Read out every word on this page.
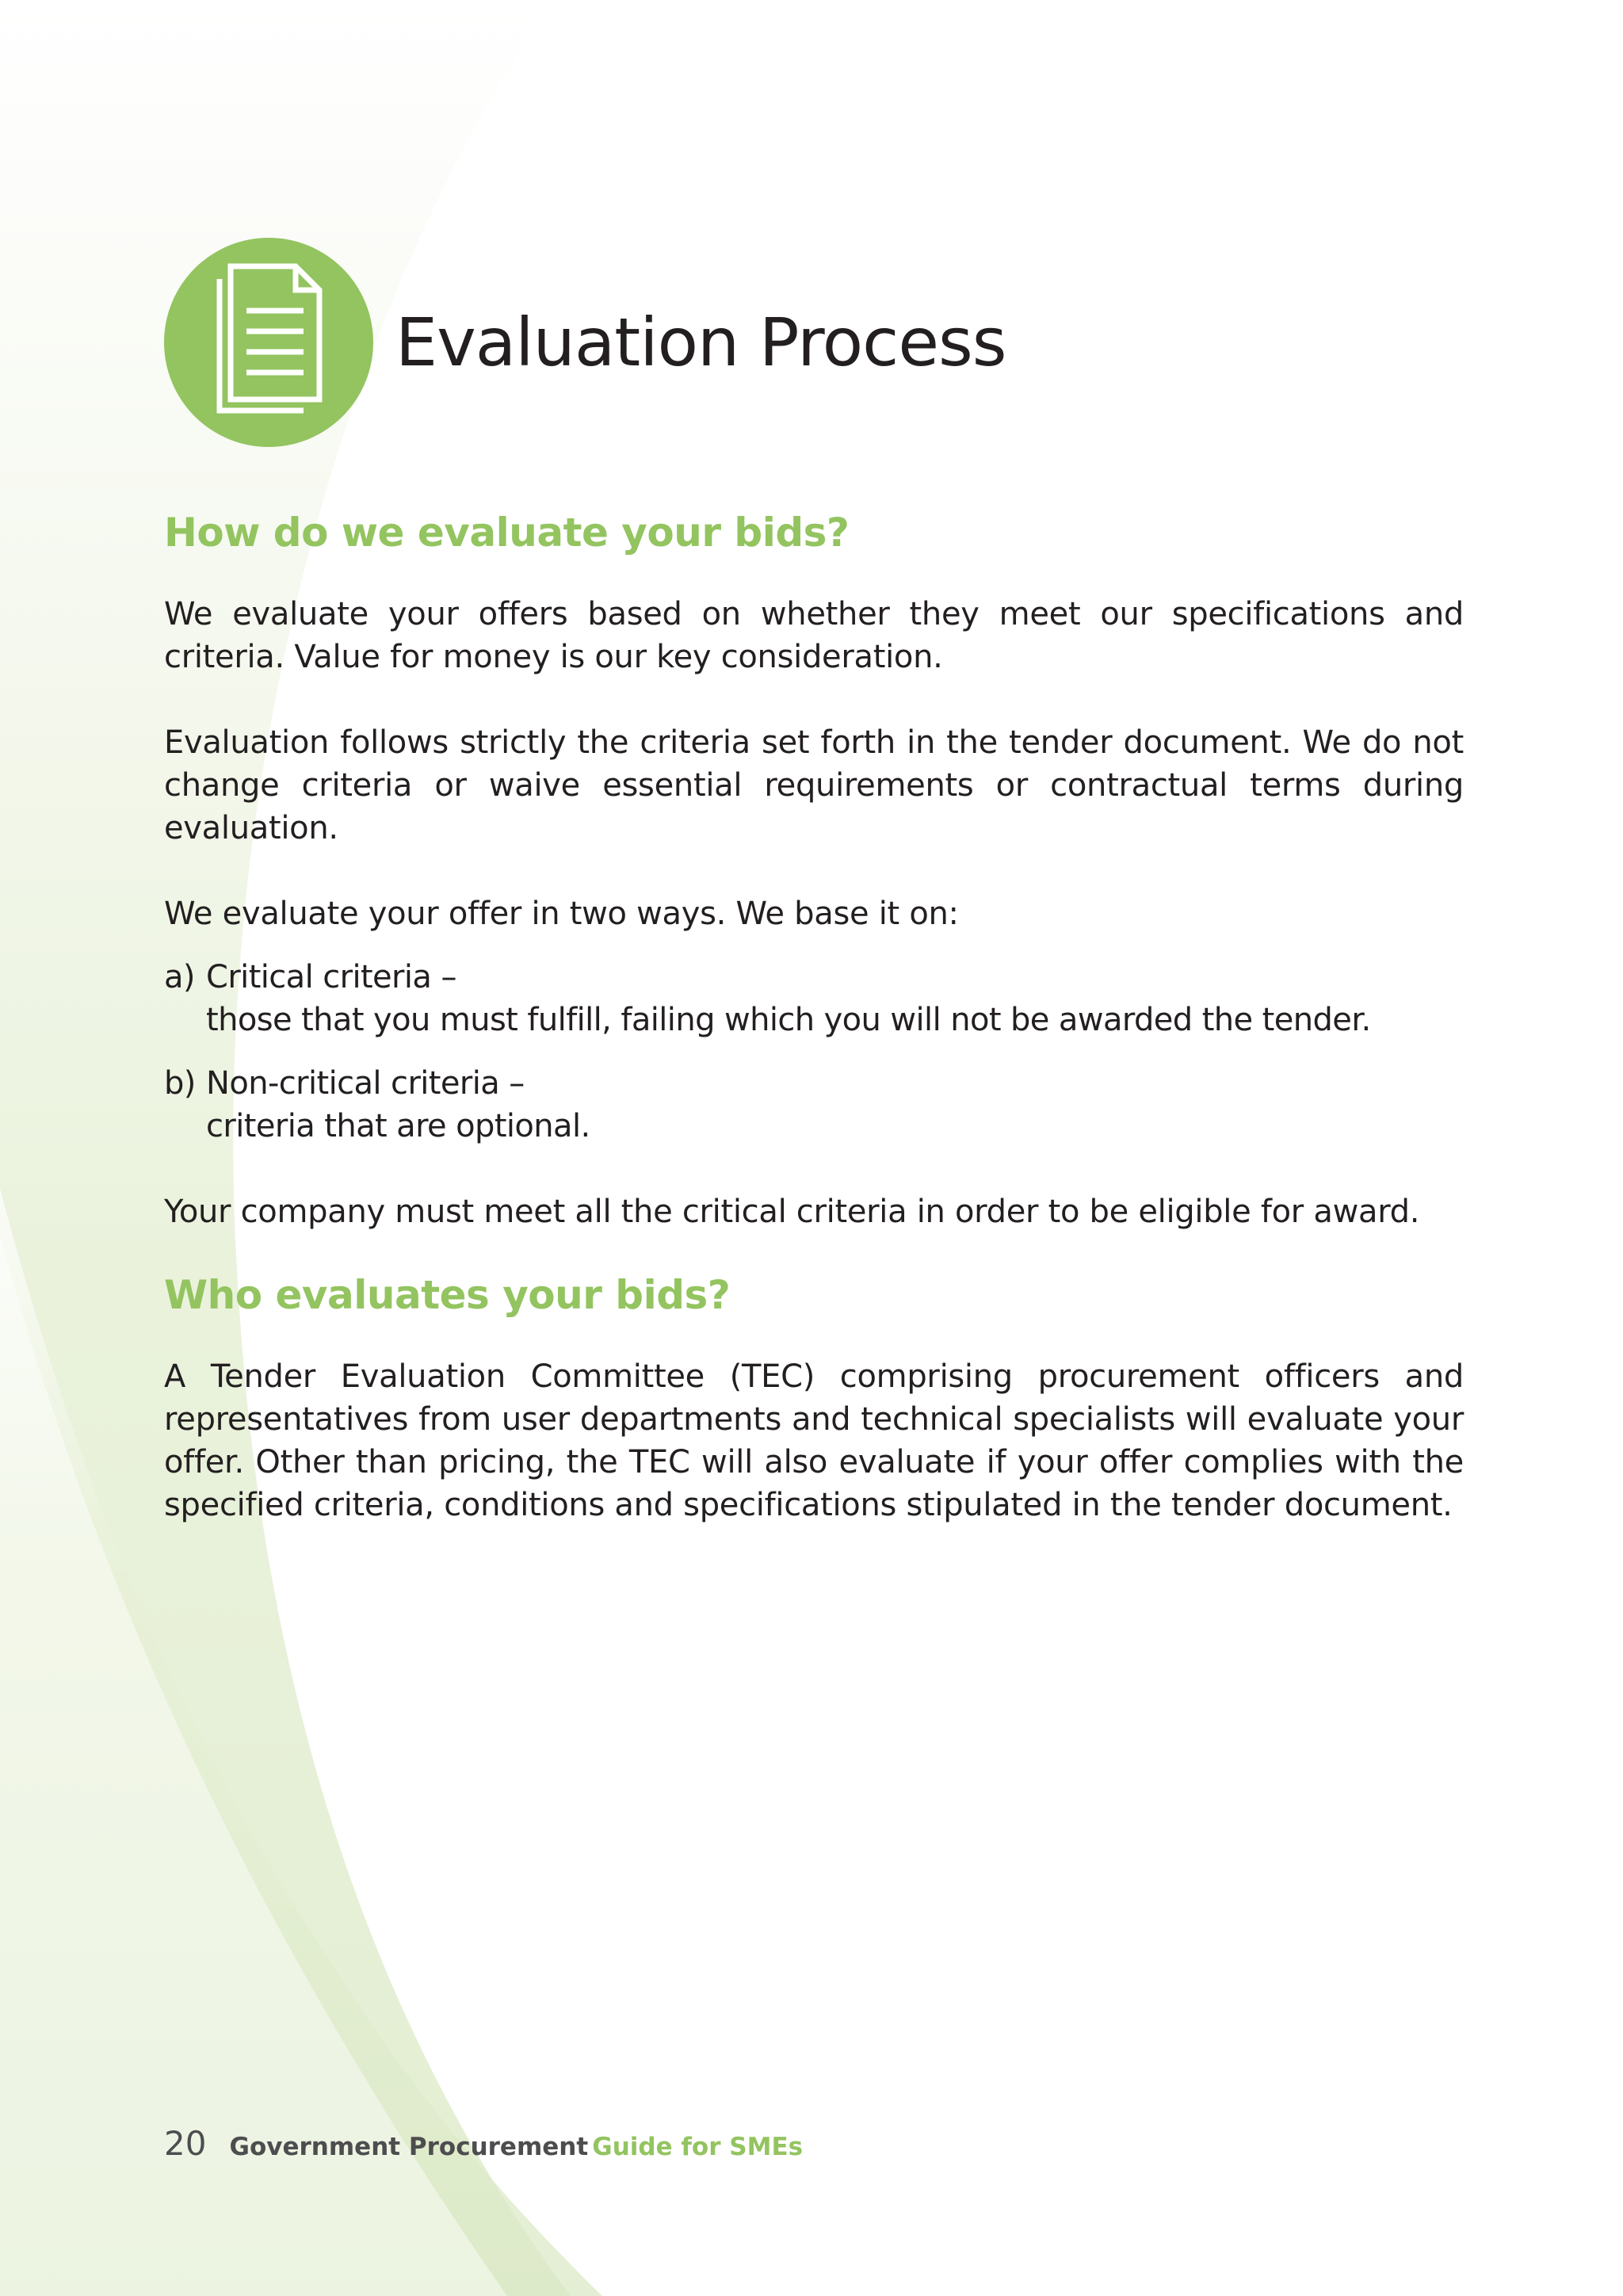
Evaluation Process
How do we evaluate your bids?

We evaluate your offers based on whether they meet our specifications and criteria. Value for money is our key consideration.

Evaluation follows strictly the criteria set forth in the tender document. We do not change criteria or waive essential requirements or contractual terms during evaluation.

We evaluate your offer in two ways. We base it on:

a) Critical criteria –
those that you must fulfill, failing which you will not be awarded the tender.
b) Non-critical criteria –
criteria that are optional.

Your company must meet all the critical criteria in order to be eligible for award.

Who evaluates your bids?

A Tender Evaluation Committee (TEC) comprising procurement officers and representatives from user departments and technical specialists will evaluate your offer. Other than pricing, the TEC will also evaluate if your offer complies with the specified criteria, conditions and specifications stipulated in the tender document.

20 Government Procurement Guide for SMEs
